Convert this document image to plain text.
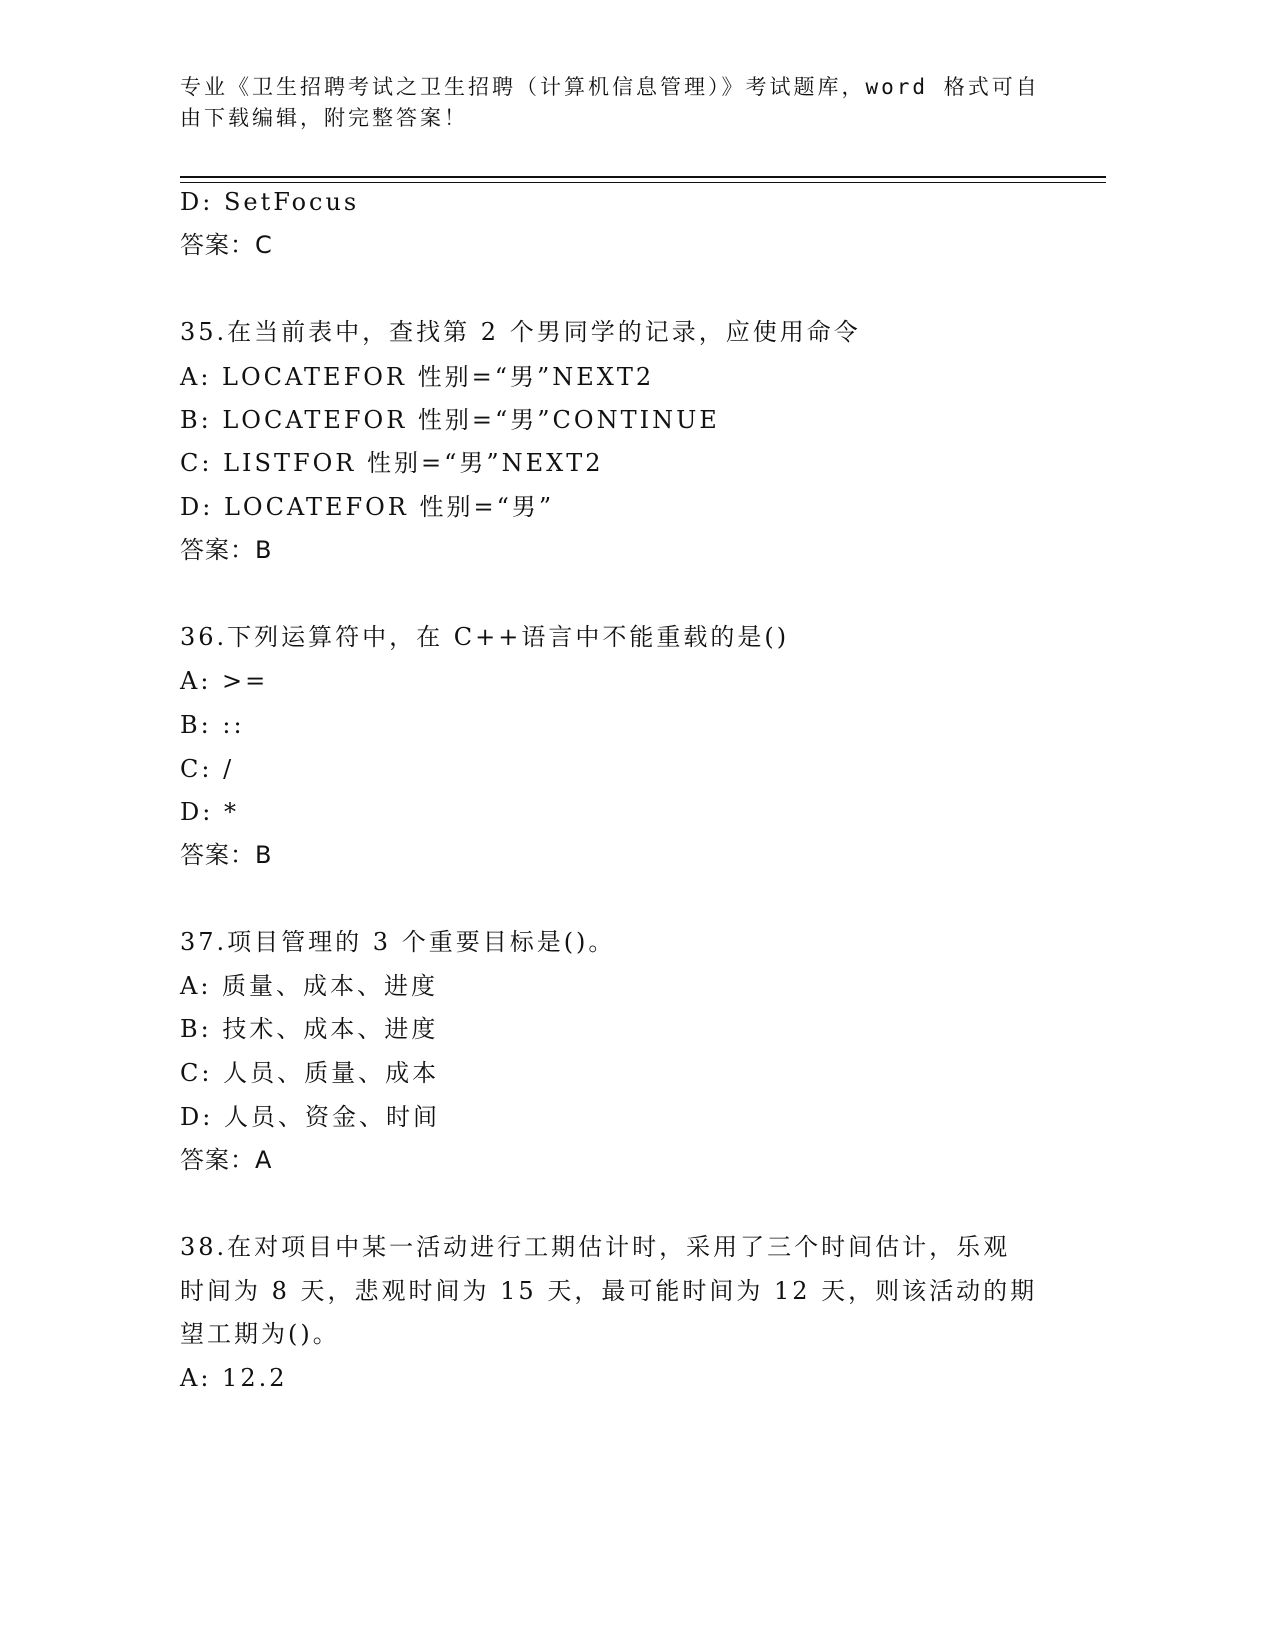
专业《卫生招聘考试之卫生招聘（计算机信息管理）》考试题库，word 格式可自
由下载编辑，附完整答案！
D: SetFocus
答案：C
35.在当前表中，查找第 2 个男同学的记录，应使用命令
A: LOCATEFOR 性别=“男”NEXT2
B: LOCATEFOR 性别=“男”CONTINUE
C: LISTFOR 性别=“男”NEXT2
D: LOCATEFOR 性别=“男”
答案：B
36.下列运算符中，在 C++语言中不能重载的是()
A: >=
B: ::
C: /
D: *
答案：B
37.项目管理的 3 个重要目标是()。
A: 质量、成本、进度
B: 技术、成本、进度
C: 人员、质量、成本
D: 人员、资金、时间
答案：A
38.在对项目中某一活动进行工期估计时，采用了三个时间估计，乐观
时间为 8 天，悲观时间为 15 天，最可能时间为 12 天，则该活动的期
望工期为()。
A: 12.2
